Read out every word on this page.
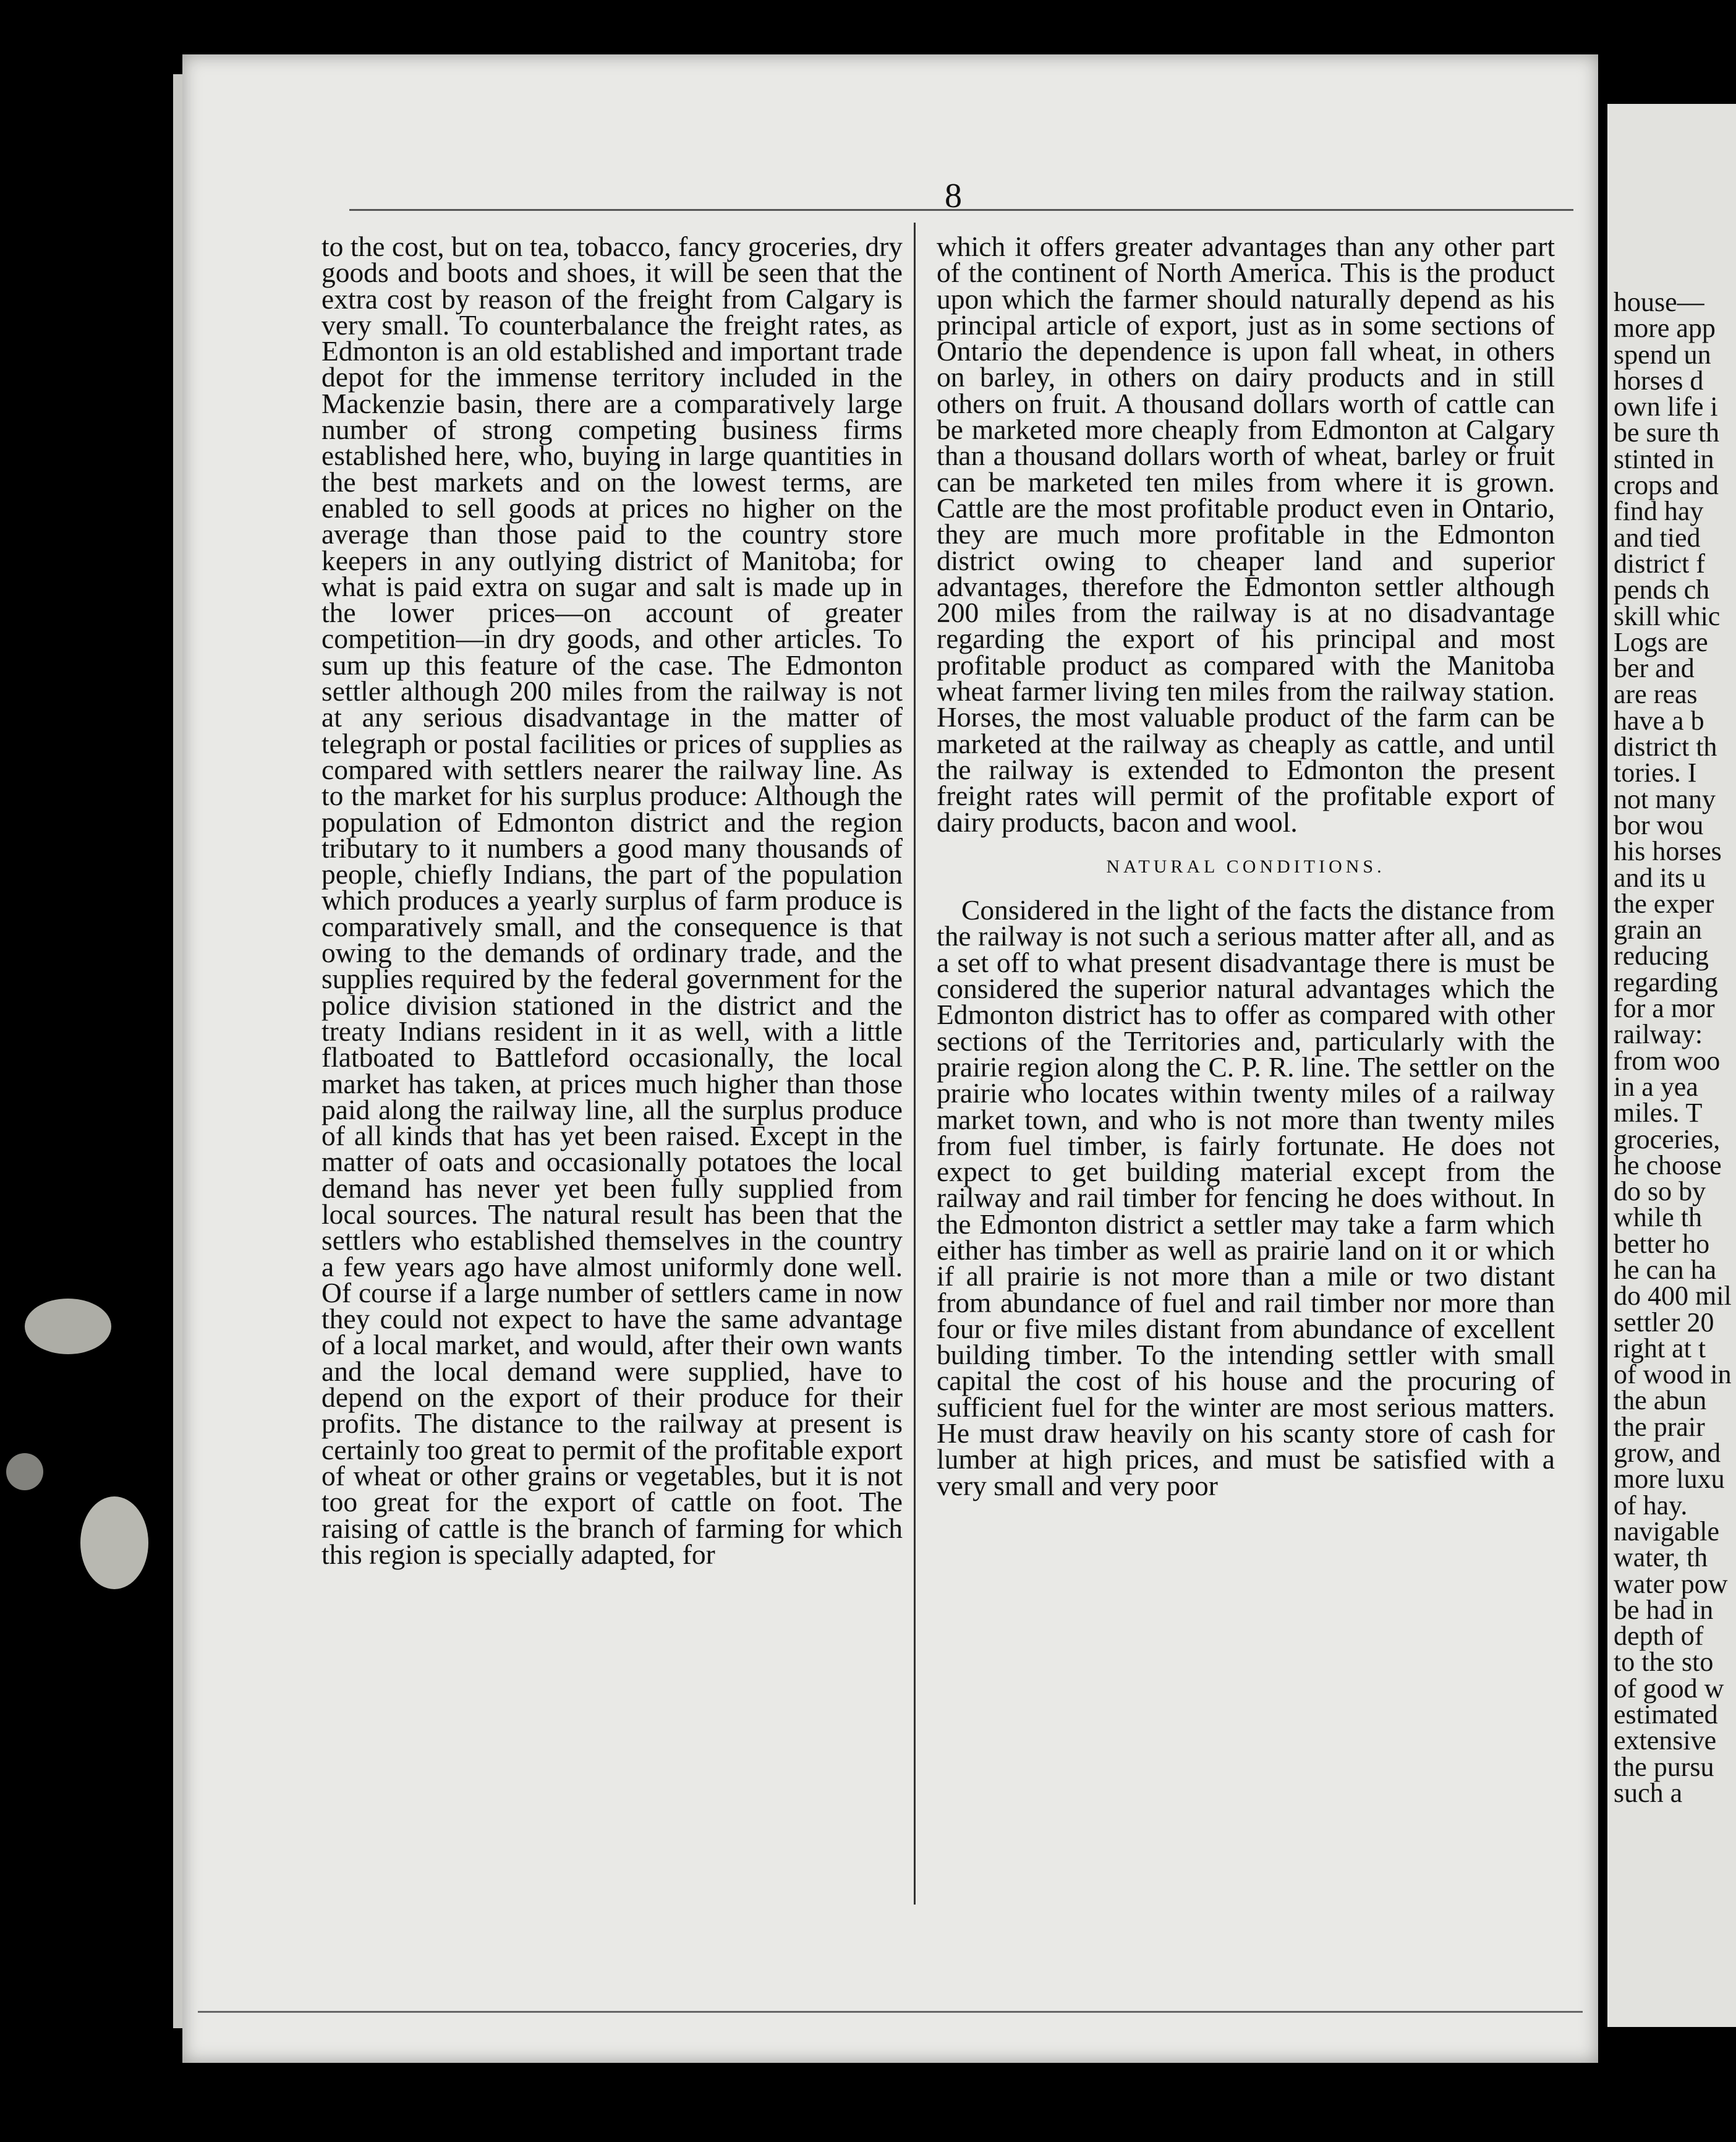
8

to the cost, but on tea, tobacco, fancy groceries, dry goods and boots and shoes, it will be seen that the extra cost by reason of the freight from Calgary is very small. To counterbalance the freight rates, as Edmonton is an old established and important trade depot for the immense territory included in the Mackenzie basin, there are a comparatively large number of strong competing business firms established here, who, buying in large quantities in the best markets and on the lowest terms, are enabled to sell goods at prices no higher on the average than those paid to the country store keepers in any outlying district of Manitoba; for what is paid extra on sugar and salt is made up in the lower prices—on account of greater competition—in dry goods, and other articles. To sum up this feature of the case. The Edmonton settler although 200 miles from the railway is not at any serious disadvantage in the matter of telegraph or postal facilities or prices of supplies as compared with settlers nearer the railway line. As to the market for his surplus produce: Although the population of Edmonton district and the region tributary to it numbers a good many thousands of people, chiefly Indians, the part of the population which produces a yearly surplus of farm produce is comparatively small, and the consequence is that owing to the demands of ordinary trade, and the supplies required by the federal government for the police division stationed in the district and the treaty Indians resident in it as well, with a little flatboated to Battleford occasionally, the local market has taken, at prices much higher than those paid along the railway line, all the surplus produce of all kinds that has yet been raised. Except in the matter of oats and occasionally potatoes the local demand has never yet been fully supplied from local sources. The natural result has been that the settlers who established themselves in the country a few years ago have almost uniformly done well. Of course if a large number of settlers came in now they could not expect to have the same advantage of a local market, and would, after their own wants and the local demand were supplied, have to depend on the export of their produce for their profits. The distance to the railway at present is certainly too great to permit of the profitable export of wheat or other grains or vegetables, but it is not too great for the export of cattle on foot. The raising of cattle is the branch of farming for which this region is specially adapted, for

which it offers greater advantages than any other part of the continent of North America. This is the product upon which the farmer should naturally depend as his principal article of export, just as in some sections of Ontario the dependence is upon fall wheat, in others on barley, in others on dairy products and in still others on fruit. A thousand dollars worth of cattle can be marketed more cheaply from Edmonton at Calgary than a thousand dollars worth of wheat, barley or fruit can be marketed ten miles from where it is grown. Cattle are the most profitable product even in Ontario, they are much more profitable in the Edmonton district owing to cheaper land and superior advantages, therefore the Edmonton settler although 200 miles from the railway is at no disadvantage regarding the export of his principal and most profitable product as compared with the Manitoba wheat farmer living ten miles from the railway station. Horses, the most valuable product of the farm can be marketed at the railway as cheaply as cattle, and until the railway is extended to Edmonton the present freight rates will permit of the profitable export of dairy products, bacon and wool.

NATURAL CONDITIONS.

Considered in the light of the facts the distance from the railway is not such a serious matter after all, and as a set off to what present disadvantage there is must be considered the superior natural advantages which the Edmonton district has to offer as compared with other sections of the Territories and, particularly with the prairie region along the C. P. R. line. The settler on the prairie who locates within twenty miles of a railway market town, and who is not more than twenty miles from fuel timber, is fairly fortunate. He does not expect to get building material except from the railway and rail timber for fencing he does without. In the Edmonton district a settler may take a farm which either has timber as well as prairie land on it or which if all prairie is not more than a mile or two distant from abundance of fuel and rail timber nor more than four or five miles distant from abundance of excellent building timber. To the intending settler with small capital the cost of his house and the procuring of sufficient fuel for the winter are most serious matters. He must draw heavily on his scanty store of cash for lumber at high prices, and must be satisfied with a very small and very poor

house—
more app
spend un
horses d
own life i
be sure th
stinted in
crops and
find hay
and tied
district f
pends ch
skill whic
Logs are
ber and
are reas
have a b
district th
tories. I
not many
bor wou
his horses
and its u
the exper
grain an
reducing
regarding
for a mor
railway:
from woo
in a yea
miles. T
groceries,
he choose
do so by
while th
better ho
he can ha
do 400 mil
settler 20
right at t
of wood in
the abun
the prair
grow, and
more luxu
of hay.
navigable
water, th
water pow
be had in
depth of
to the sto
of good w
estimated
extensive
the pursu
such a
